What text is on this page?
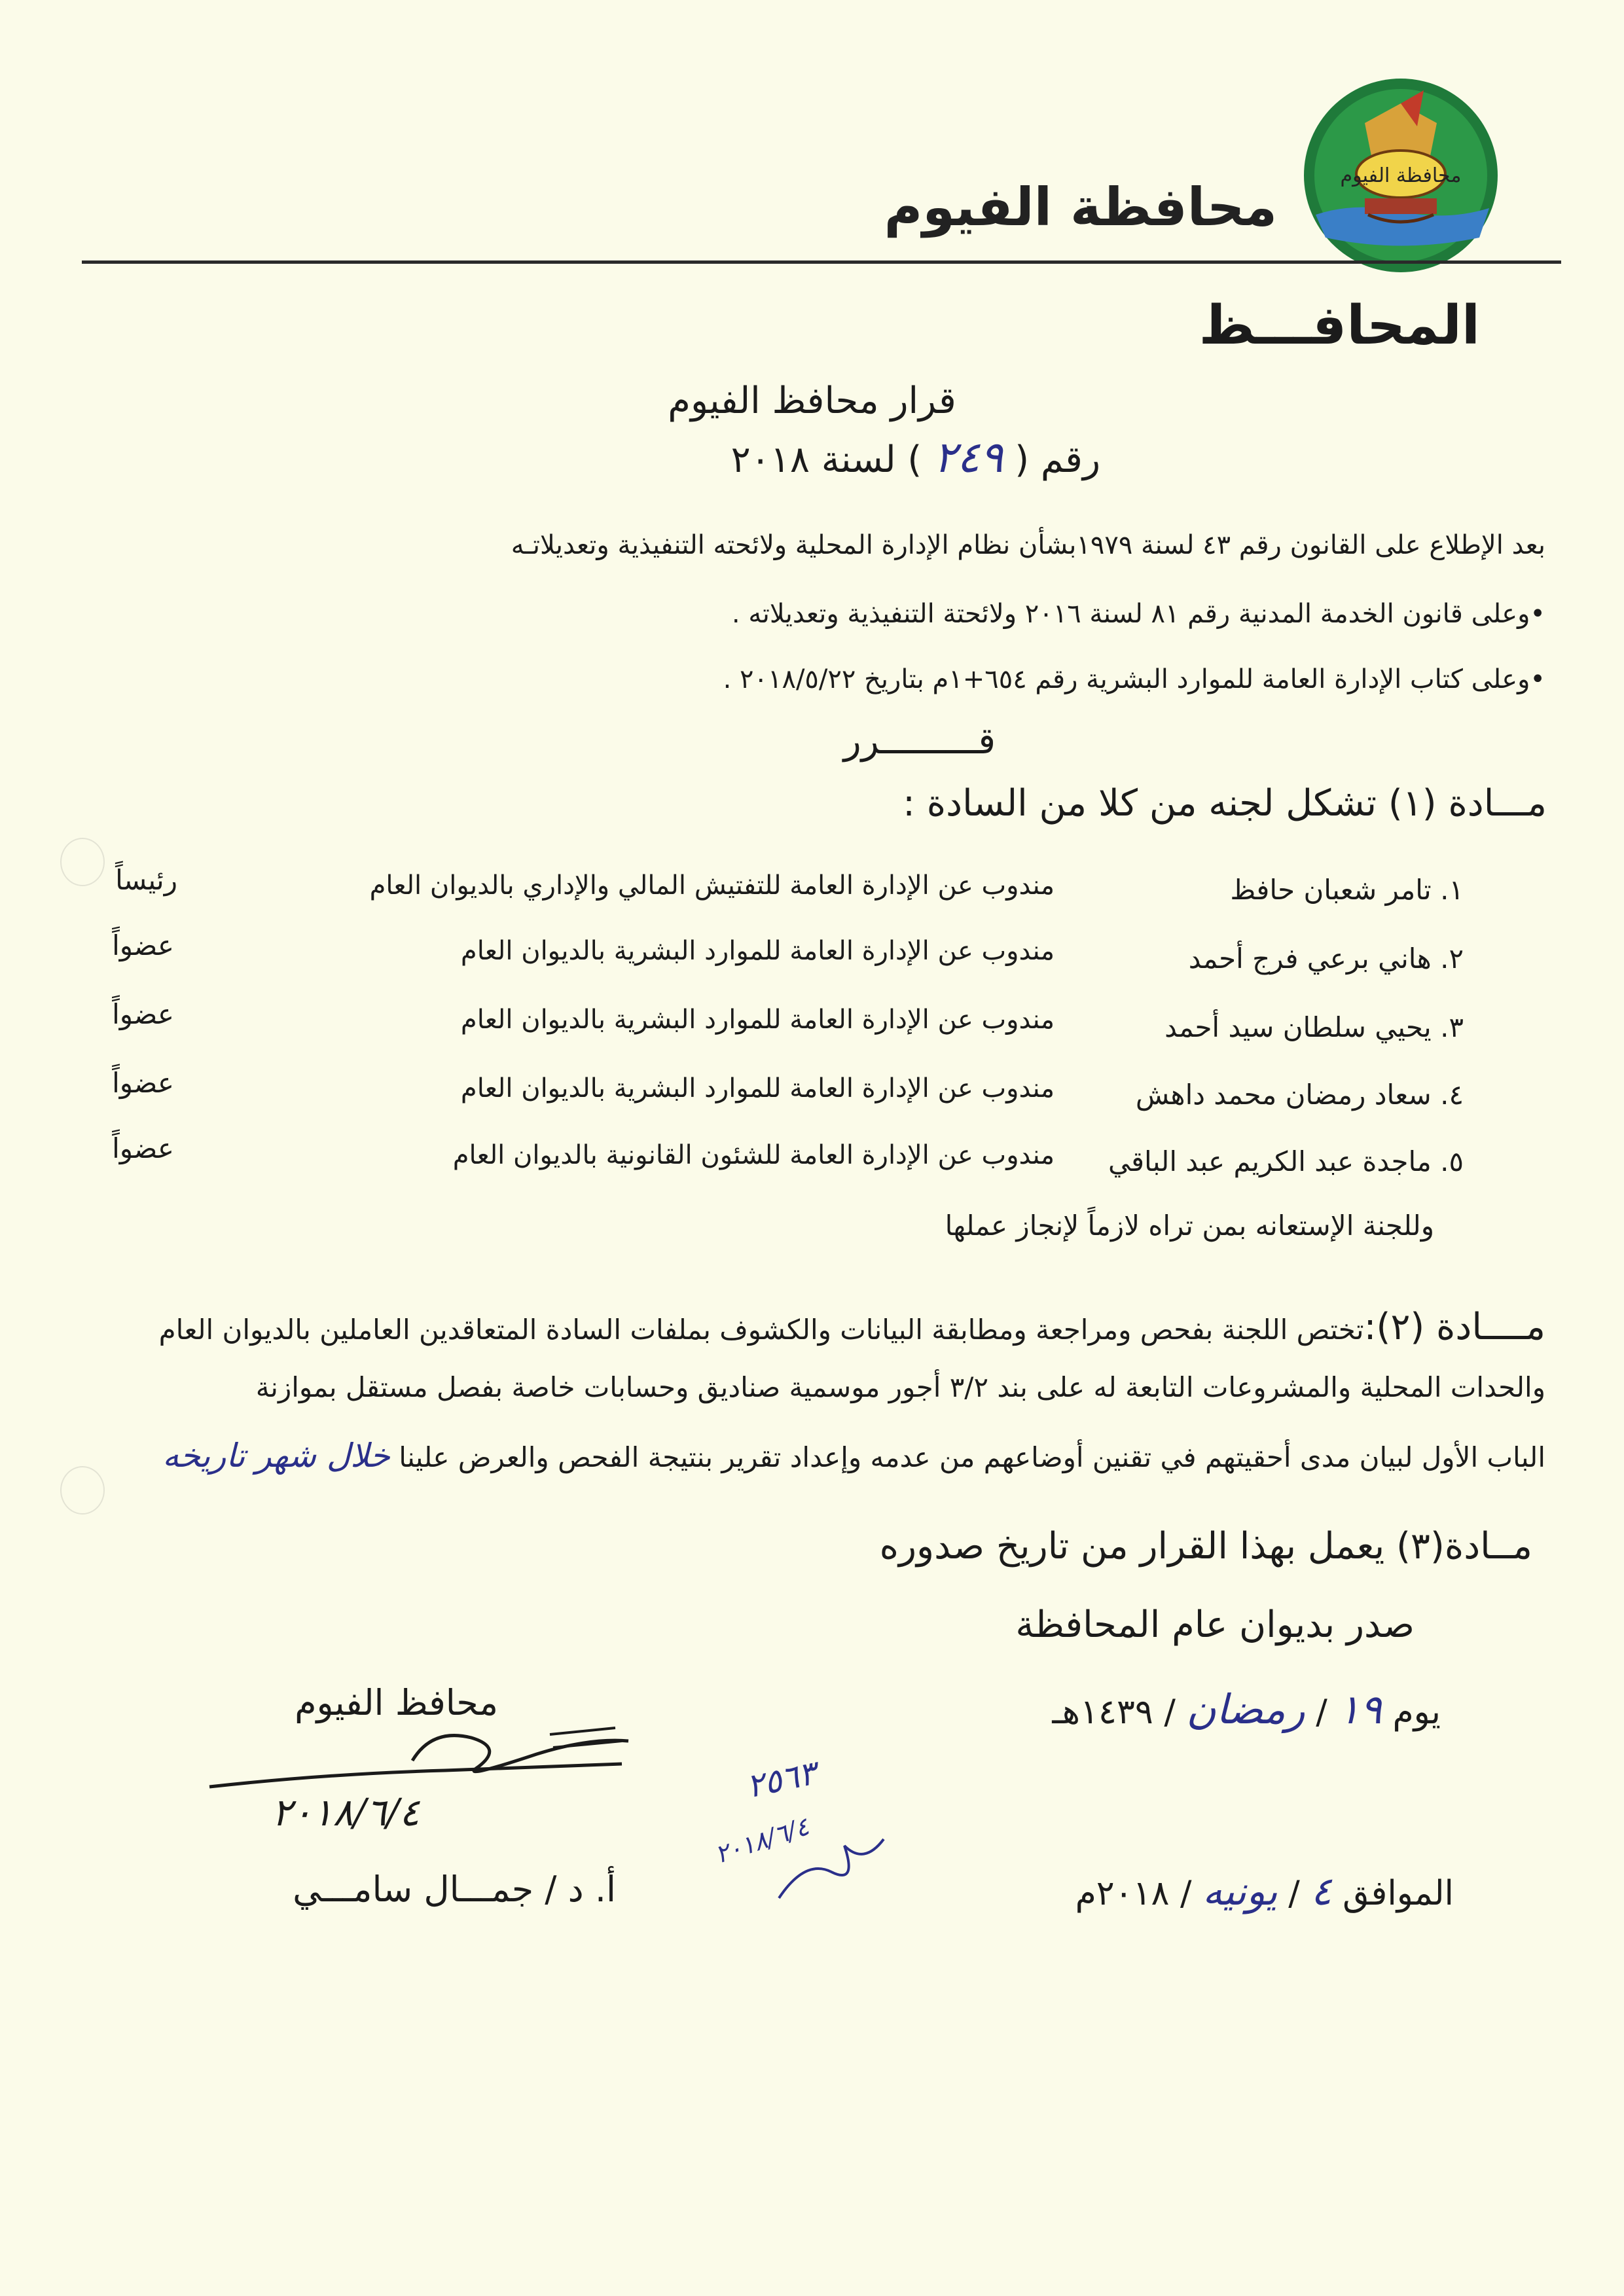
محافظة الفيوم
محافظة الفيوم
المحافـــظ
قرار محافظ الفيوم
رقم ( ٢٤٩ ) لسنة ٢٠١٨
بعد الإطلاع على القانون رقم ٤٣ لسنة ١٩٧٩بشأن نظام الإدارة المحلية ولائحته التنفيذية وتعديلاتـه
•وعلى قانون الخدمة المدنية رقم ٨١ لسنة ٢٠١٦ ولائحتة التنفيذية وتعديلاته .
•وعلى كتاب الإدارة العامة للموارد البشرية رقم ٦٥٤+١م بتاريخ ٢٠١٨/٥/٢٢ .
قـــــــــرر
مـــادة (١) تشكل لجنه من كلا من السادة :
١. تامر شعبان حافظ
مندوب عن الإدارة العامة للتفتيش المالي والإداري بالديوان العام
رئيساً
٢. هاني برعي فرج أحمد
مندوب عن الإدارة العامة للموارد البشرية بالديوان العام
عضواً
٣. يحيي سلطان سيد أحمد
مندوب عن الإدارة العامة للموارد البشرية بالديوان العام
عضواً
٤. سعاد رمضان محمد داهش
مندوب عن الإدارة العامة للموارد البشرية بالديوان العام
عضواً
٥. ماجدة عبد الكريم عبد الباقي
مندوب عن الإدارة العامة للشئون القانونية بالديوان العام
عضواً
وللجنة الإستعانه بمن تراه لازماً لإنجاز عملها
مــــادة (٢):تختص اللجنة بفحص ومراجعة ومطابقة البيانات والكشوف بملفات السادة المتعاقدين العاملين بالديوان العام
والحدات المحلية والمشروعات التابعة له على بند ٣/٢ أجور موسمية صناديق وحسابات خاصة بفصل مستقل بموازنة
الباب الأول لبيان مدى أحقيتهم في تقنين أوضاعهم من عدمه وإعداد تقرير بنتيجة الفحص والعرض علينا خلال شهر تاريخه
مــادة(٣) يعمل بهذا القرار من تاريخ صدوره
صدر بديوان عام المحافظة
يوم ١٩ / رمضان / ١٤٣٩هـ
الموافق ٤ / يونيه / ٢٠١٨م
محافظ الفيوم
٢٠١٨/٦/٤
أ. د / جمـــال سامـــي
٢٥٦٣
٢٠١٨/٦/٤
